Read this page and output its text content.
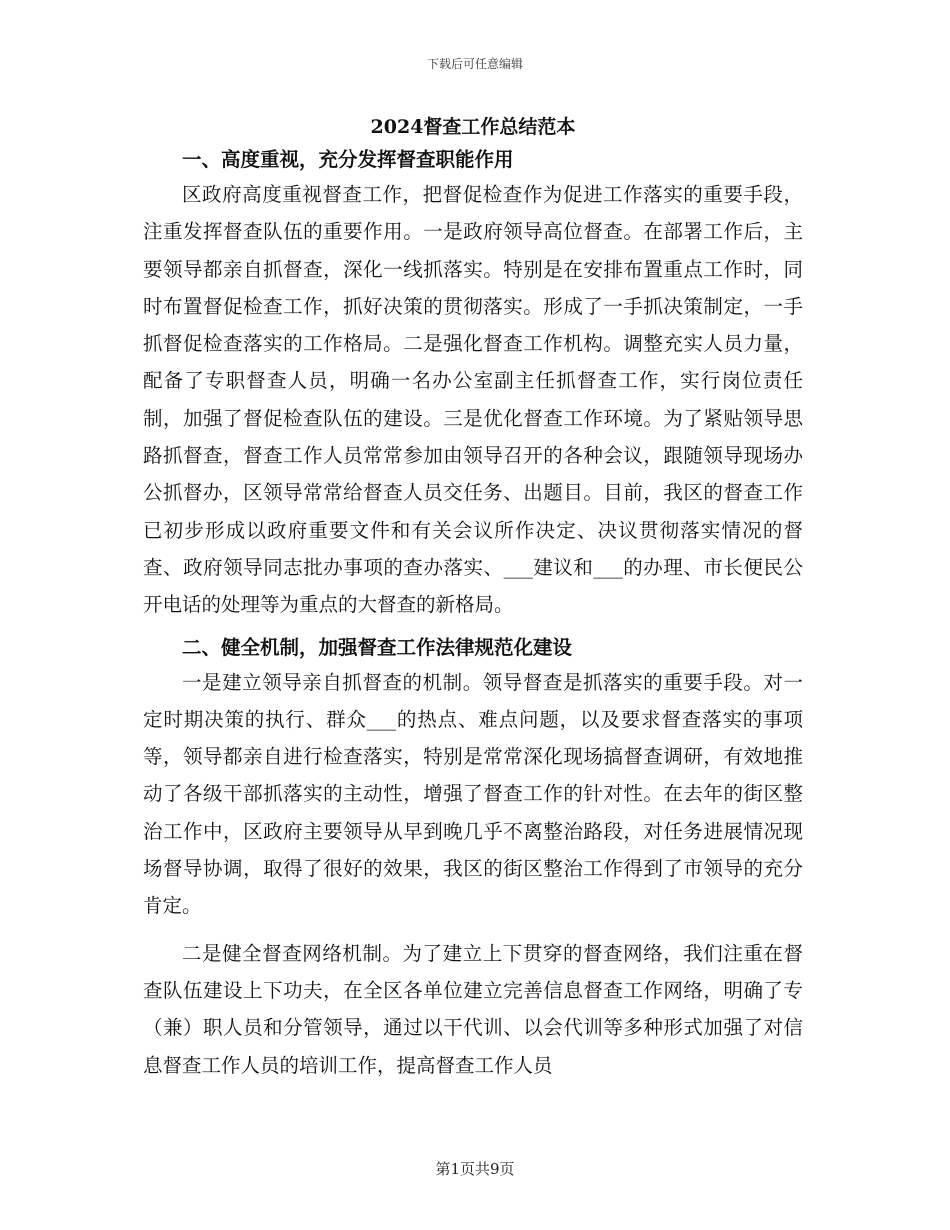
下载后可任意编辑
2024督查工作总结范本

一、高度重视，充分发挥督查职能作用

区政府高度重视督查工作，把督促检查作为促进工作落实的重要手段，注重发挥督查队伍的重要作用。一是政府领导高位督查。在部署工作后，主要领导都亲自抓督查，深化一线抓落实。特别是在安排布置重点工作时，同时布置督促检查工作，抓好决策的贯彻落实。形成了一手抓决策制定，一手抓督促检查落实的工作格局。二是强化督查工作机构。调整充实人员力量，配备了专职督查人员，明确一名办公室副主任抓督查工作，实行岗位责任制，加强了督促检查队伍的建设。三是优化督查工作环境。为了紧贴领导思路抓督查，督查工作人员常常参加由领导召开的各种会议，跟随领导现场办公抓督办，区领导常常给督查人员交任务、出题目。目前，我区的督查工作已初步形成以政府重要文件和有关会议所作决定、决议贯彻落实情况的督查、政府领导同志批办事项的查办落实、___建议和___的办理、市长便民公开电话的处理等为重点的大督查的新格局。

二、健全机制，加强督查工作法律规范化建设

一是建立领导亲自抓督查的机制。领导督查是抓落实的重要手段。对一定时期决策的执行、群众___的热点、难点问题，以及要求督查落实的事项等，领导都亲自进行检查落实，特别是常常深化现场搞督查调研，有效地推动了各级干部抓落实的主动性，增强了督查工作的针对性。在去年的街区整治工作中，区政府主要领导从早到晚几乎不离整治路段，对任务进展情况现场督导协调，取得了很好的效果，我区的街区整治工作得到了市领导的充分肯定。

二是健全督查网络机制。为了建立上下贯穿的督查网络，我们注重在督查队伍建设上下功夫，在全区各单位建立完善信息督查工作网络，明确了专（兼）职人员和分管领导，通过以干代训、以会代训等多种形式加强了对信息督查工作人员的培训工作，提高督查工作人员

第1页共9页
